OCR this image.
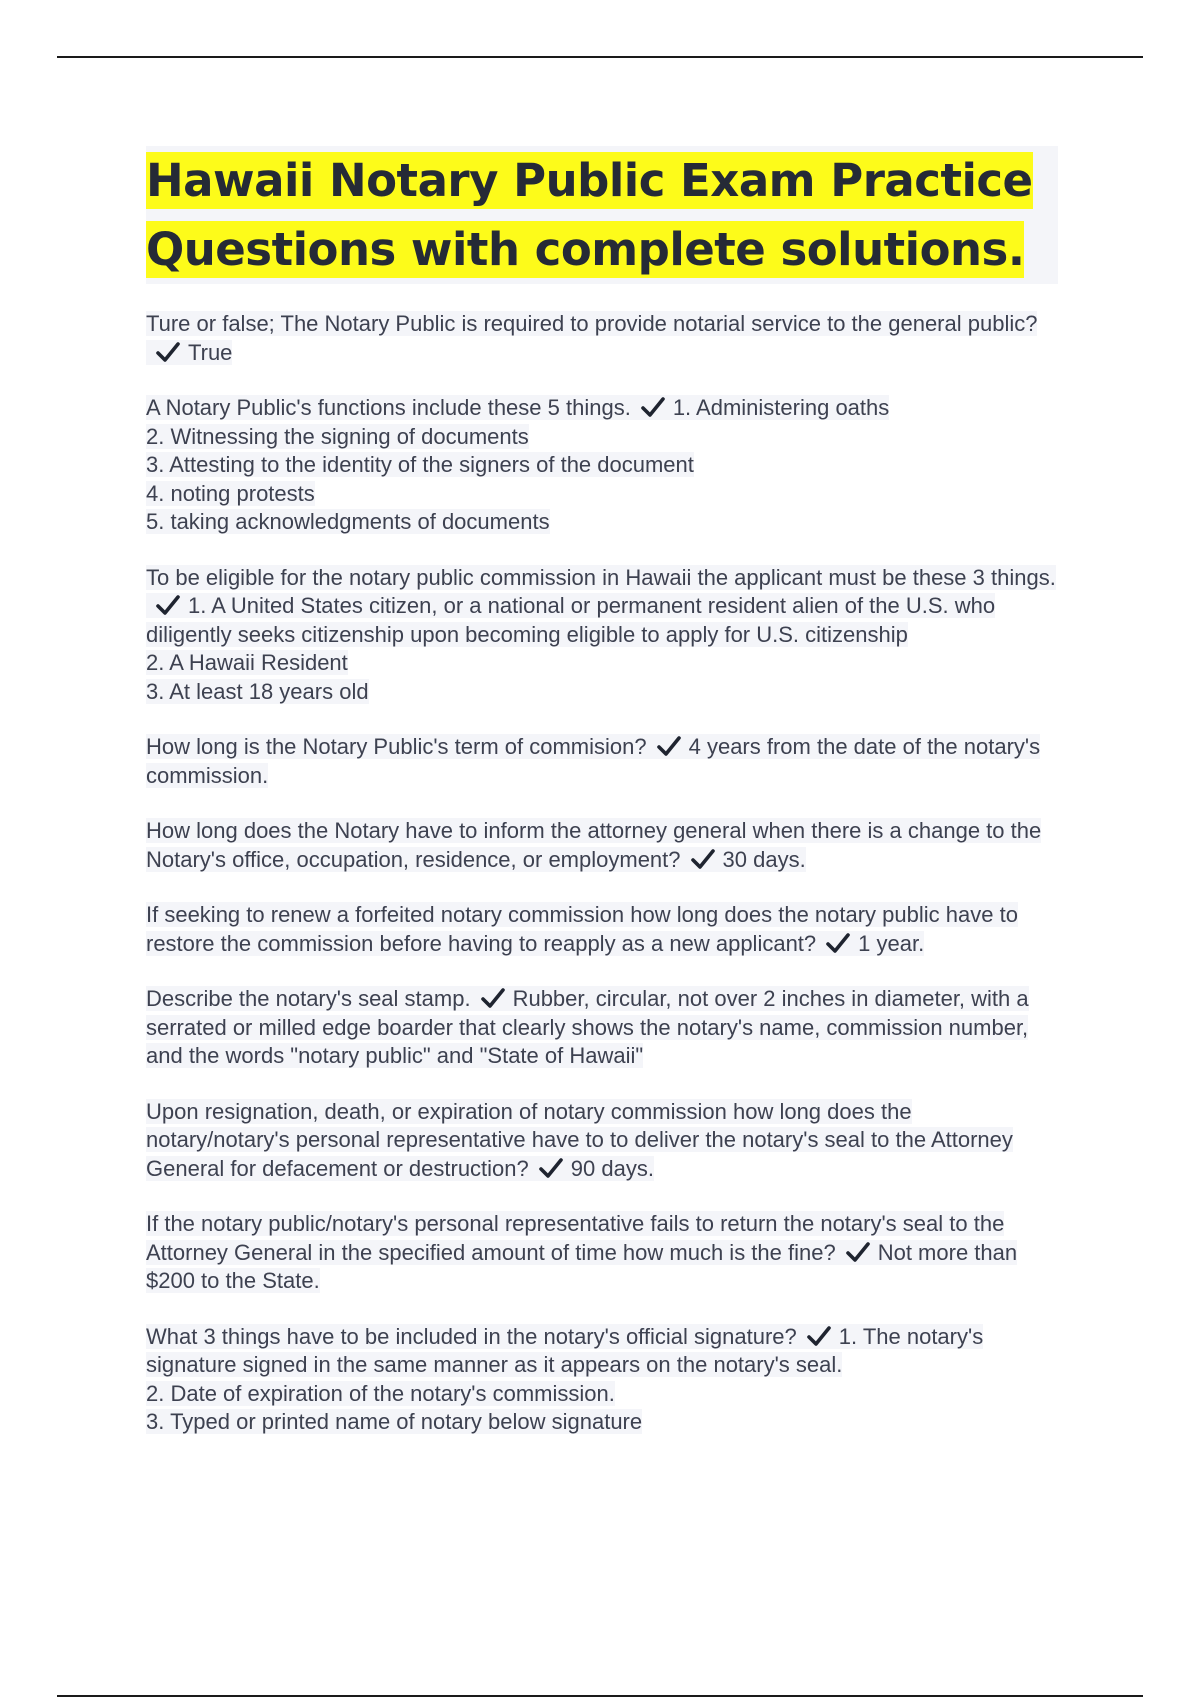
Hawaii Notary Public Exam Practice
Questions with complete solutions.

Ture or false; The Notary Public is required to provide notarial service to the general public?
True

A Notary Public's functions include these 5 things. 1. Administering oaths
2. Witnessing the signing of documents
3. Attesting to the identity of the signers of the document
4. noting protests
5. taking acknowledgments of documents

To be eligible for the notary public commission in Hawaii the applicant must be these 3 things.
1. A United States citizen, or a national or permanent resident alien of the U.S. who diligently seeks citizenship upon becoming eligible to apply for U.S. citizenship
2. A Hawaii Resident
3. At least 18 years old

How long is the Notary Public's term of commision? 4 years from the date of the notary's commission.

How long does the Notary have to inform the attorney general when there is a change to the Notary's office, occupation, residence, or employment? 30 days.

If seeking to renew a forfeited notary commission how long does the notary public have to restore the commission before having to reapply as a new applicant? 1 year.

Describe the notary's seal stamp. Rubber, circular, not over 2 inches in diameter, with a serrated or milled edge boarder that clearly shows the notary's name, commission number, and the words "notary public" and "State of Hawaii"

Upon resignation, death, or expiration of notary commission how long does the notary/notary's personal representative have to to deliver the notary's seal to the Attorney General for defacement or destruction? 90 days.

If the notary public/notary's personal representative fails to return the notary's seal to the Attorney General in the specified amount of time how much is the fine? Not more than $200 to the State.

What 3 things have to be included in the notary's official signature? 1. The notary's signature signed in the same manner as it appears on the notary's seal.
2. Date of expiration of the notary's commission.
3. Typed or printed name of notary below signature
